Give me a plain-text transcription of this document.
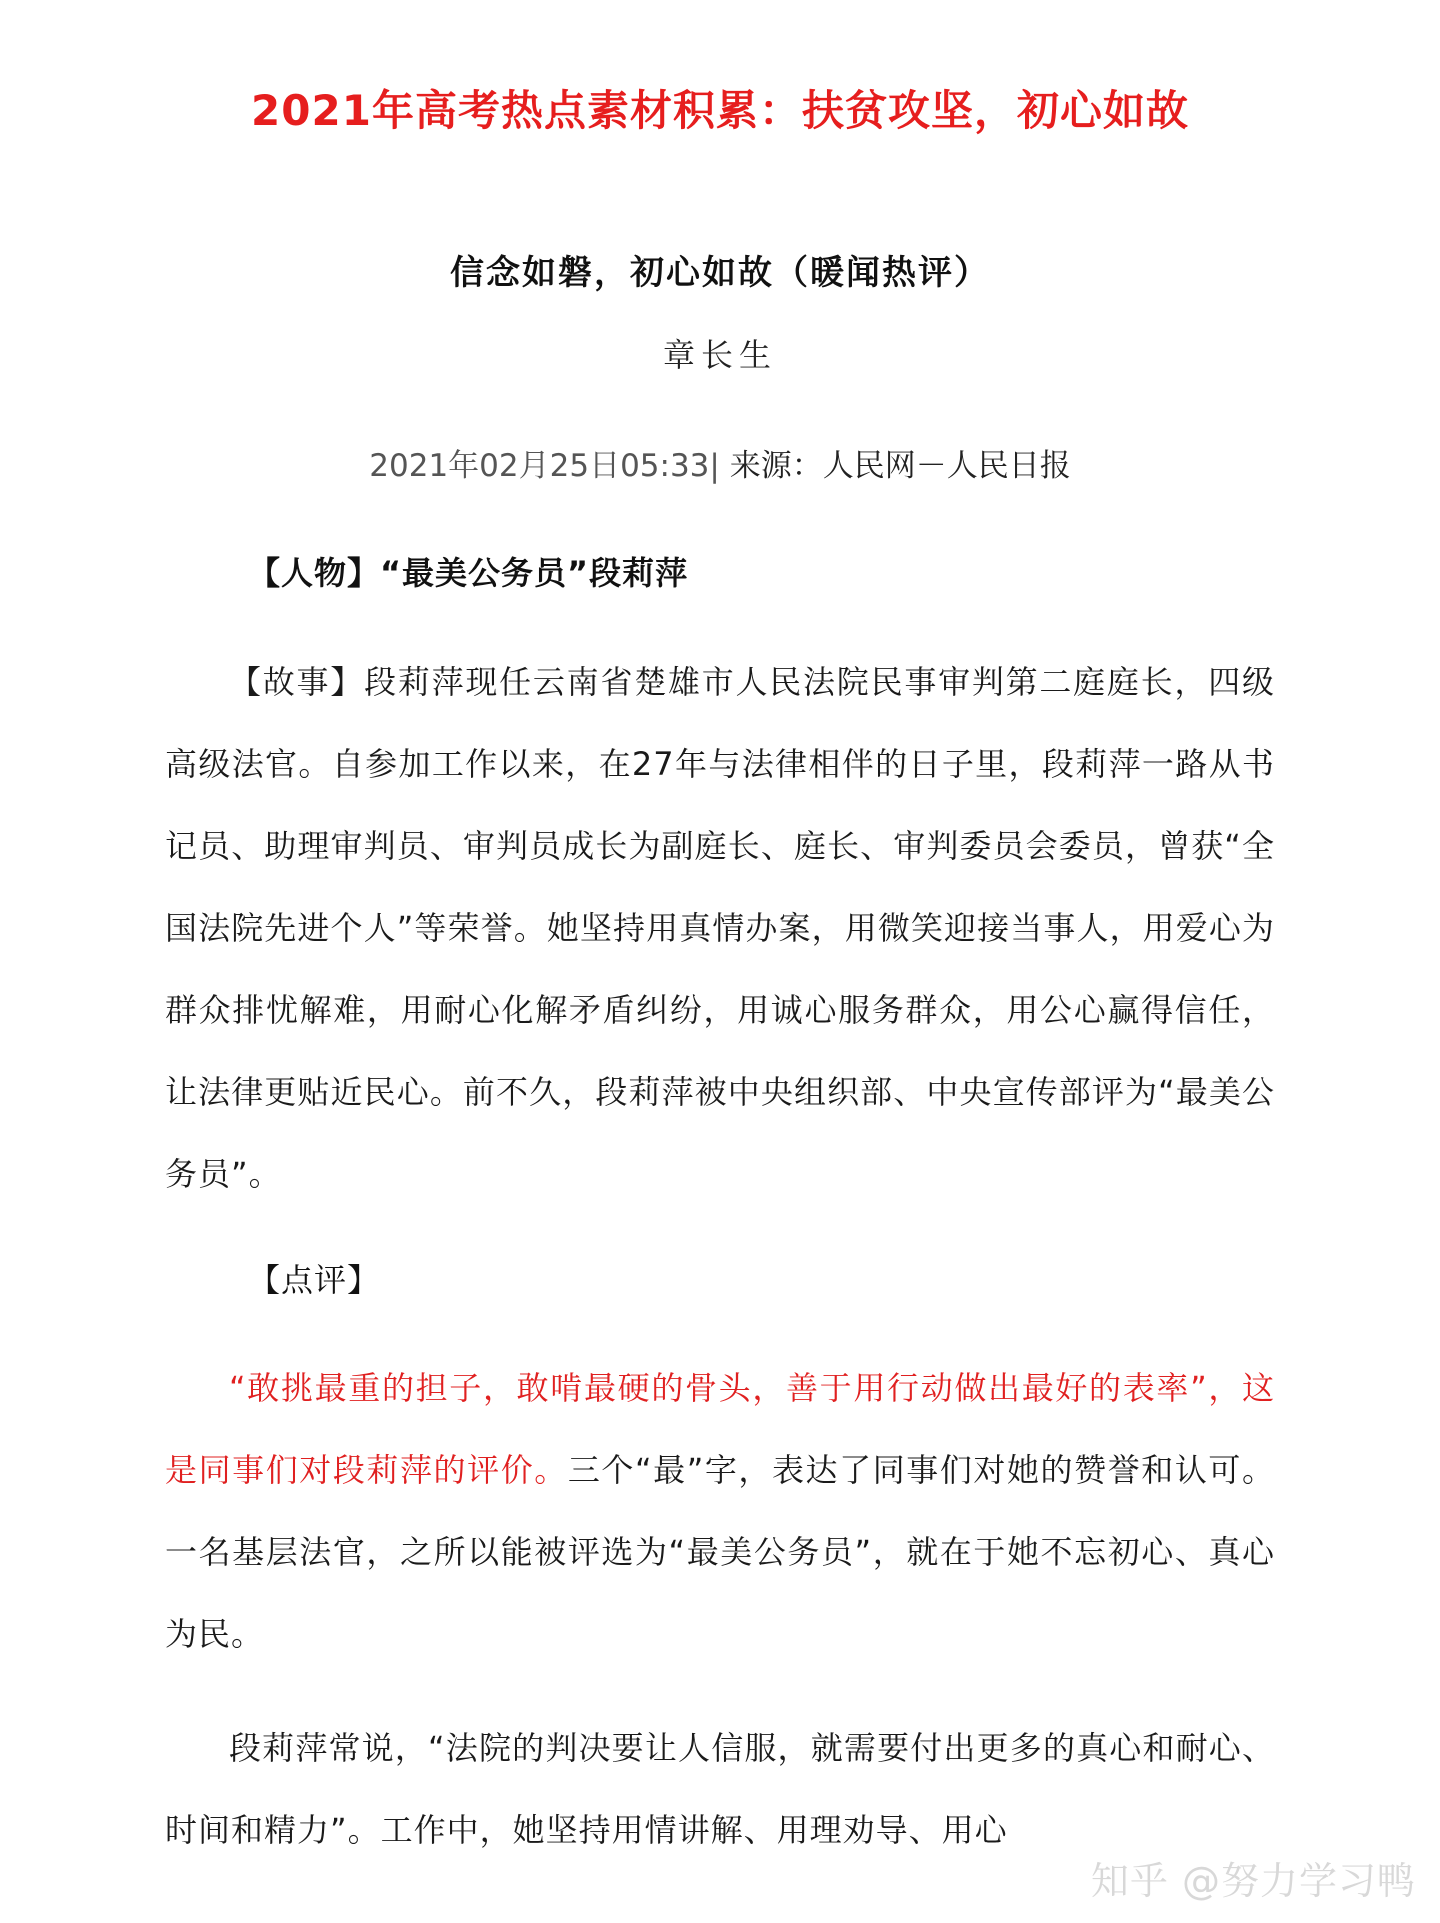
2021年高考热点素材积累：扶贫攻坚，初心如故
信念如磐，初心如故（暖闻热评）
章长生
2021年02月25日05:33| 来源：人民网－人民日报
【人物】“最美公务员”段莉萍
【故事】段莉萍现任云南省楚雄市人民法院民事审判第二庭庭长，四级高级法官。自参加工作以来，在27年与法律相伴的日子里，段莉萍一路从书记员、助理审判员、审判员成长为副庭长、庭长、审判委员会委员，曾获“全国法院先进个人”等荣誉。她坚持用真情办案，用微笑迎接当事人，用爱心为群众排忧解难，用耐心化解矛盾纠纷，用诚心服务群众，用公心赢得信任，让法律更贴近民心。前不久，段莉萍被中央组织部、中央宣传部评为“最美公务员”。
【点评】
“敢挑最重的担子，敢啃最硬的骨头，善于用行动做出最好的表率”，这是同事们对段莉萍的评价。三个“最”字，表达了同事们对她的赞誉和认可。一名基层法官，之所以能被评选为“最美公务员”，就在于她不忘初心、真心为民。
段莉萍常说，“法院的判决要让人信服，就需要付出更多的真心和耐心、时间和精力”。工作中，她坚持用情讲解、用理劝导、用心
知乎 @努力学习鸭
